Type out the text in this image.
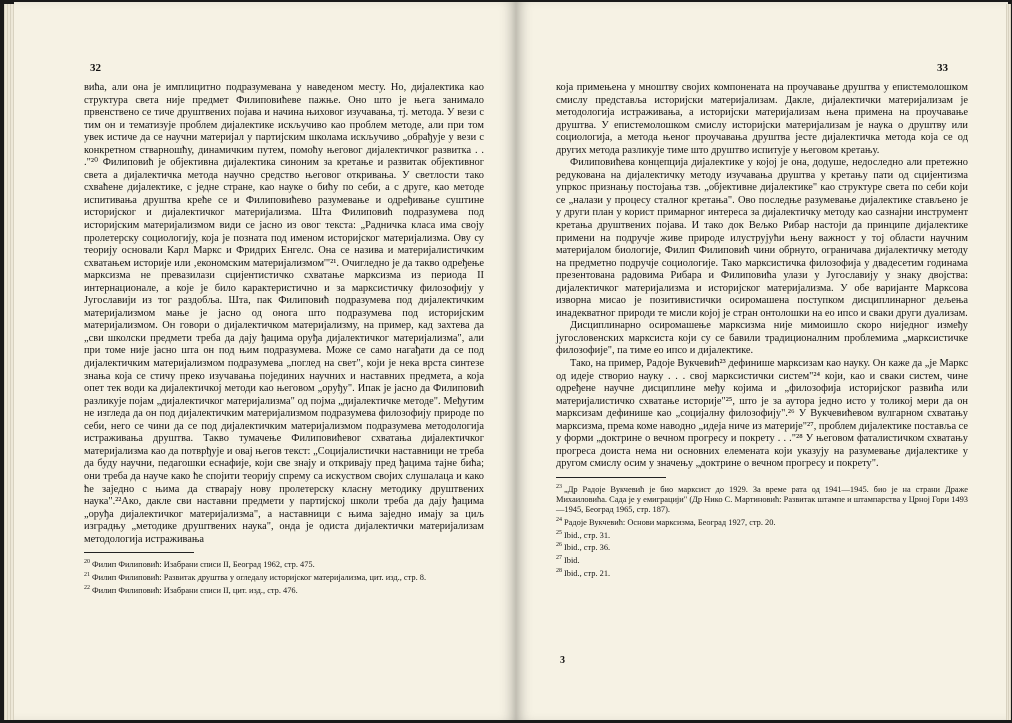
32

вића, али она је имплицитно подразумевана у наведеном месту. Но, дијалектика као структура света није предмет Филиповићеве пажње. Оно што је њега занимало првенствено се тиче друштвених појава и начина њиховог изучавања, тј. метода. У вези с тим он и тематизује проблем дијалектике искључиво као проблем методе, али при том увек истиче да се научни материјал у партијским школама искључиво „обрађује у вези с конкретном стварношћу, динамичким путем, помоћу његовог дијалектичког развитка . . ."²⁰ Филиповић је објективна дијалектика синоним за кретање и развитак објективног света а дијалектичка метода научно средство његовог откривања. У светлости тако схваћене дијалектике, с једне стране, као науке о бићу по себи, а с друге, као методе испитивања друштва креће се и Филиповићево разумевање и одређивање суштине историјског и дијалектичког материјализма. Шта Филиповић подразумева под историјским материјализмом види се јасно из овог текста: „Радничка класа има своју пролетерску социологију, која је позната под именом историјског материјализма. Ову су теорију основали Карл Маркс и Фридрих Енгелс. Она се назива и материјалистичким схватањем историје или ‚економским материјализмом'"²¹. Очигледно је да такво одређење марксизма не превазилази сциjентистичко схватање марксизма из периода II интернационале, а које је било карактеристично и за марксистичку филозофију у Југославији из тог раздобља. Шта, пак Филиповић подразумева под дијалектичким материјализмом мање је јасно од онога што подразумева под историјским материјализмом. Он говори о дијалектичком материјализму, на пример, кад захтева да „сви школски предмети треба да дају ђацима оруђа дијалектичког материјализма", али при томе није јасно шта он под њим подразумева. Може се само нагађати да се под дијалектичким материјализмом подразумева „поглед на свет", који је нека врста синтезе знања која се стичу преко изучавања појединих научних и наставних предмета, а која опет тек води ка дијалектичкој методи као његовом „оруђу". Ипак је јасно да Филиповић разликује појам „дијалектичког материјализма" од појма „дијалектичке методе". Међутим не изгледа да он под дијалектичким материјализмом подразумева филозофију природе по себи, него се чини да се под дијалектичким материјализмом подразумева методологија истраживања друштва. Такво тумачење Филиповићевог схватања дијалектичког материјализма као да потврђује и овај његов текст: „Социјалистички наставници не треба да буду научни, педагошки еснафије, који све знају и откривају пред ђацима тајне бића; они треба да науче како ће спојити теорију спрему са искуством својих слушалаца и како ће заједно с њима да стварају нову пролетерску класну методику друштвених наука".²²Ако, дакле сви наставни предмети у партијској школи треба да дају ђацима „оруђа дијалектичког материјализма", а наставници с њима заједно имају за циљ изградњу „методике друштвених наука", онда је одиста дијалектички материјализам методологија истраживања

$^{20}$ Филип Филиповић: Изабрани списи II, Београд 1962, стр. 475.

$^{21}$ Филип Филиповић: Развитак друштва у огледалу историјског материјализма, цит. изд., стр. 8.

$^{22}$ Филип Филиповић: Изабрани списи II, цит. изд., стр. 476.

33

која примењена у мноштву својих компонената на проучавање друштва у епистемолошком смислу представља историјски материјализам. Дакле, дијалектички материјализам је методологија истраживања, а историјски материјализам њена примена на проучавање друштва. У епистемолошком смислу историјски материјализам је наука о друштву или социологија, а метода њеног проучавања друштва јесте дијалектичка метода која се од других метода разликује тиме што друштво испитује у његовом кретању.

Филиповићева концепција дијалектике у којој је она, додуше, недоследно али претежно редукована на дијалектичку методу изучавања друштва у кретању пати од сциjентизма упркос признању постојања тзв. „објективне дијалектике" као структуре света по себи који се „налази у процесу сталног кретања". Ово последње разумевање дијалектике стављено је у други план у корист примарног интереса за дијалектичку методу као сазнајни инструмент кретања друштвених појава. И тако док Вељко Рибар настоји да принципе дијалектике примени на подручје живе природе илуструјући њену важност у тој области научним материјалом биологије, Филип Филиповић чини обрнуто, ограничава дијалектичку методу на предметно подручје социологије. Тако марксистичка филозофија у двадесетим годинама презентована радовима Рибара и Филиповића улази у Југославију у знаку двојства: дијалектичког материјализма и историјског материјализма. У обе варијанте Марксова изворна мисао је позитивистички осиромашена поступком дисциплинарног дељења инадекватног природи те мисли којој је стран онтолошки на ео ипсо и сваки други дуализам.

Дисциплинарно осиромашење марксизма није мимоишло скоро ниједног између југословенских марксиста који су се бавили традиционалним проблемима „марксистичке филозофије", па тиме ео ипсо и дијалектике.

Тако, на пример, Радоје Вукчевић²³ дефинише марксизам као науку. Он каже да „је Маркс од идеје створио науку . . . свој марксистички систем"²⁴ који, као и сваки систем, чине одређене научне дисциплине међу којима и „филозофија историјског развића или материјалистичко схватање историје"²⁵, што је за аутора једно исто у толикој мери да он марксизам дефинише као „социјалну филозофију".²⁶ У Вукчевићевом вулгарном схватању марксизма, према коме наводно „идеја ниче из материје"²⁷, проблем дијалектике поставља се у форми „доктрине о вечном прогресу и покрету . . ."²⁸ У његовом фаталистичком схватању прогреса доиста нема ни основних елемената који указују на разумевање дијалектике у другом смислу осим у значењу „доктрине о вечном прогресу и покрету".

$^{23}$ „Др Радоје Вукчевић је био марксист до 1929. За време рата од 1941—1945. био је на страни Драже Михаиловића. Сада је у емиграцији" (Др Нико С. Мартиновић: Развитак штампе и штампарства у Црној Гори 1493—1945, Београд 1965, стр. 187).

$^{24}$ Радоје Вукчевић: Основи марксизма, Београд 1927, стр. 20.

$^{25}$ Ibid., стр. 31.

$^{26}$ Ibid., стр. 36.

$^{27}$ Ibid.

$^{28}$ Ibid., стр. 21.

3
